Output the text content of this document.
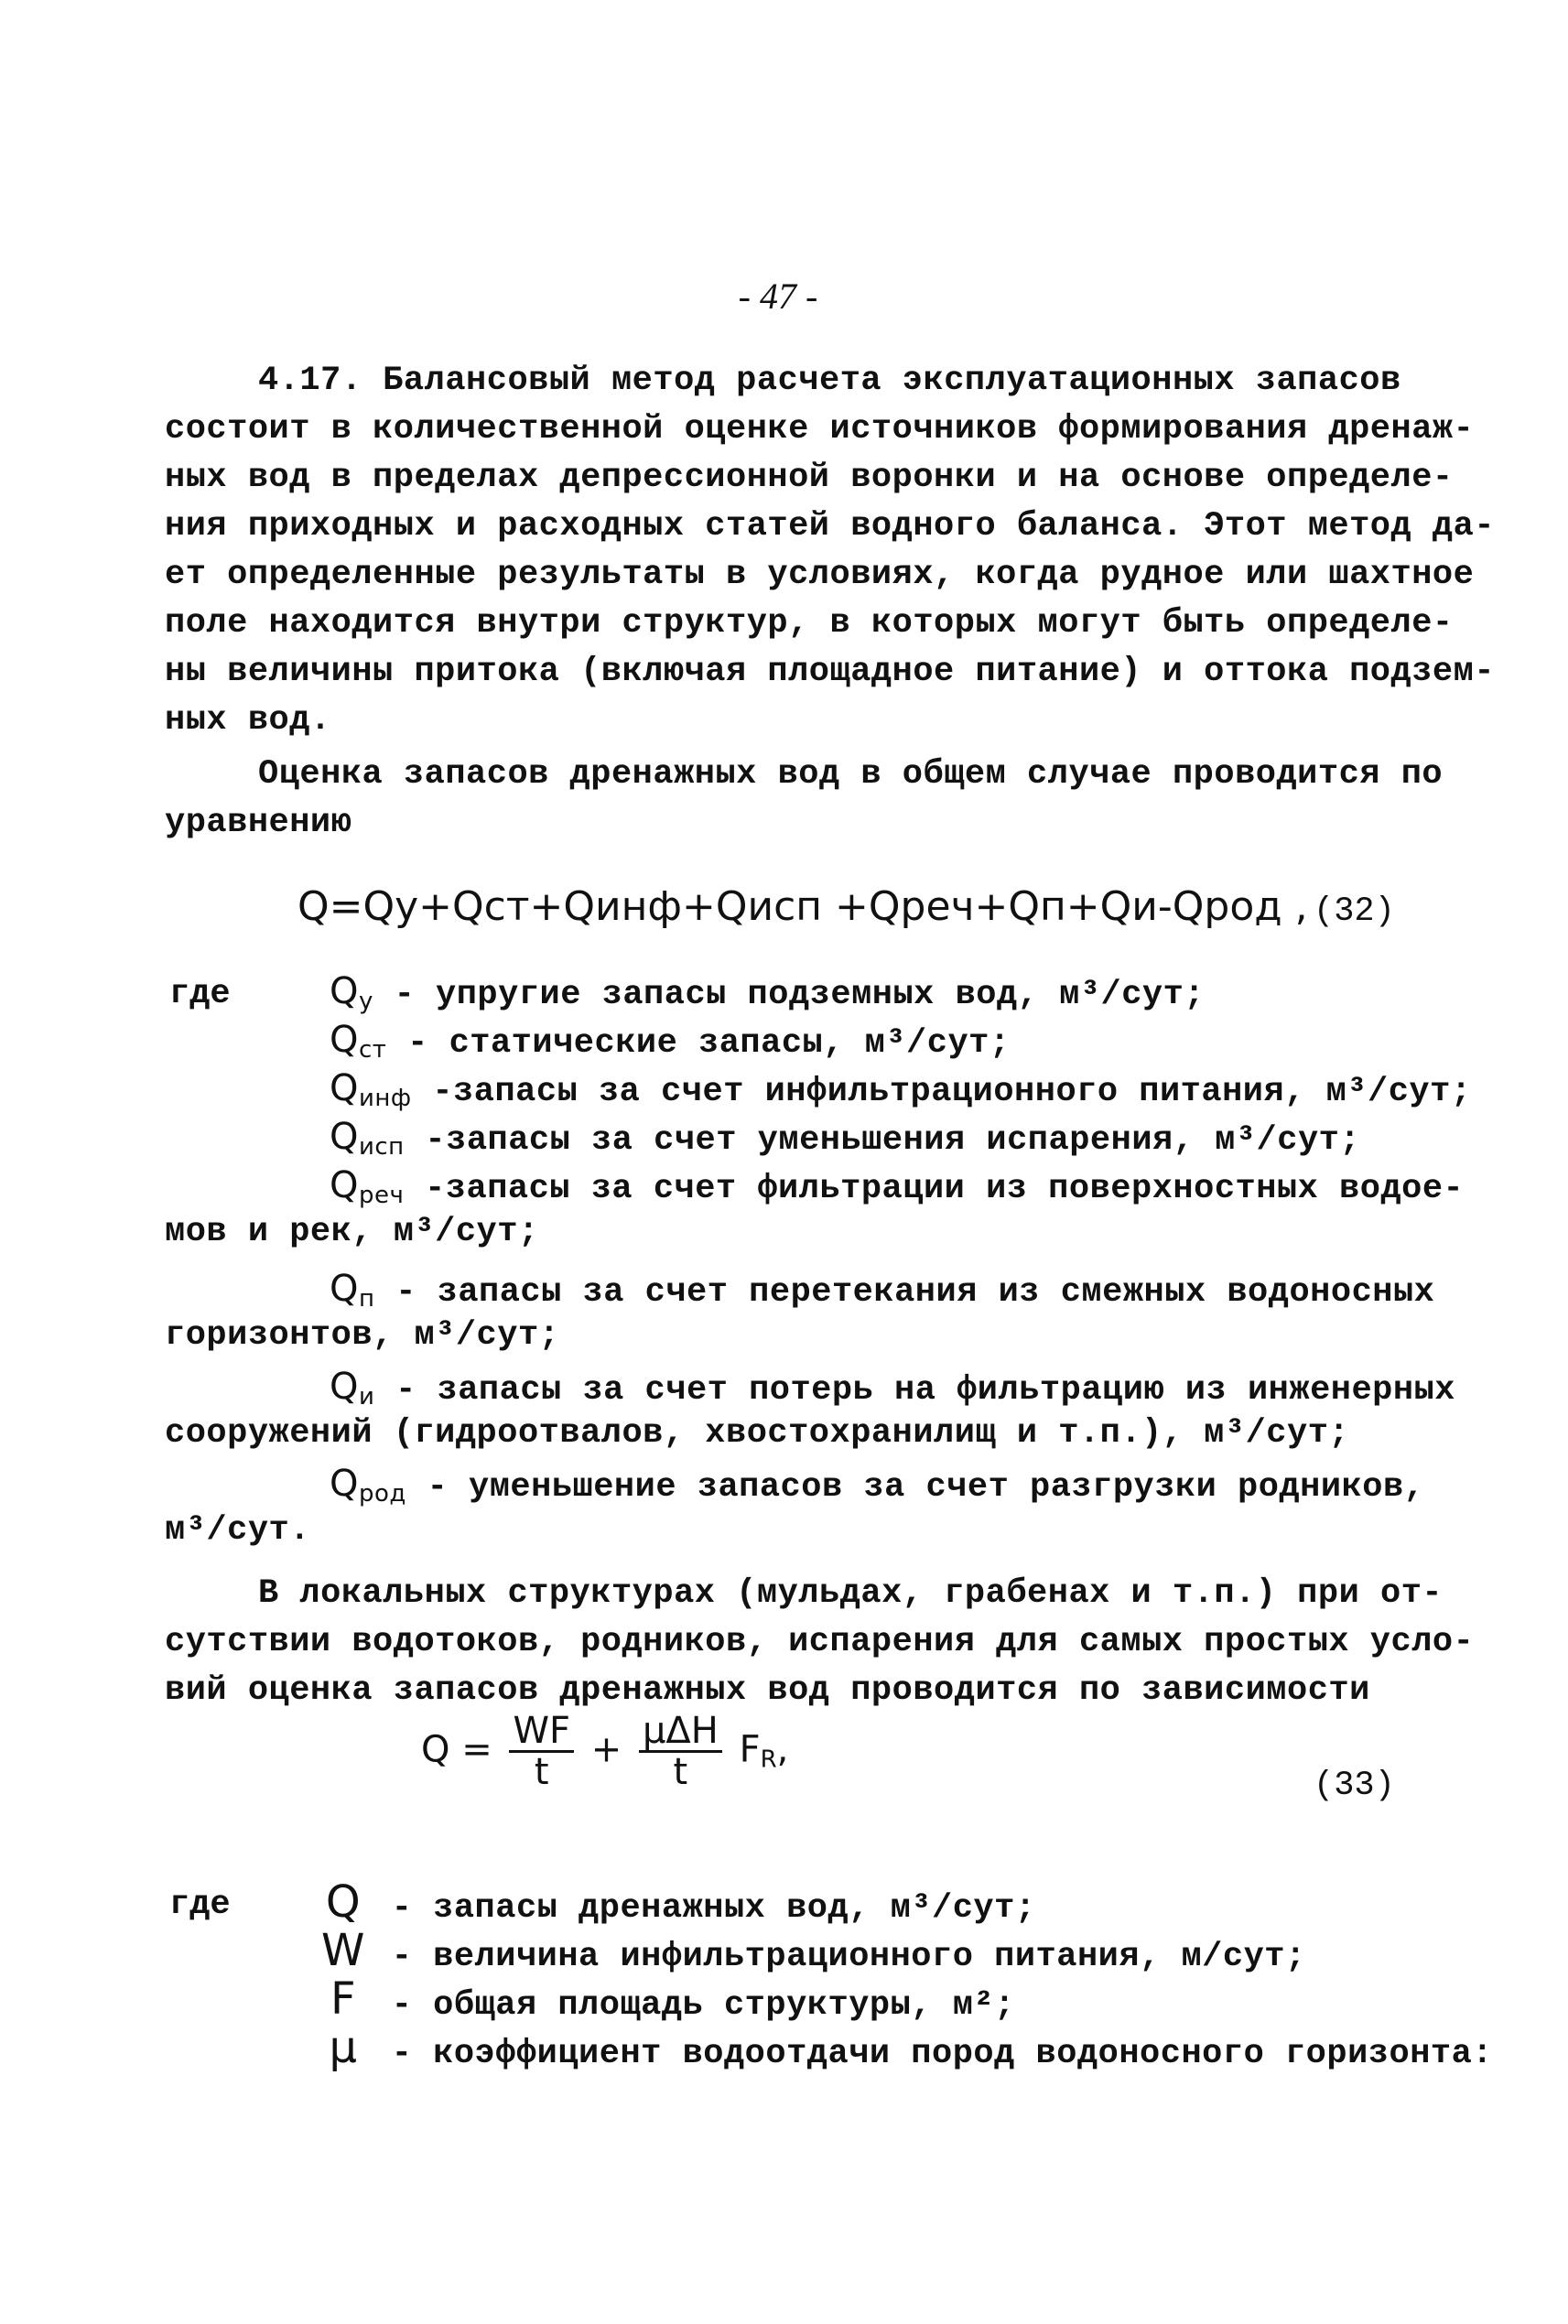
- 47 -
4.17. Балансовый метод расчета эксплуатационных запасов
состоит в количественной оценке источников формирования дренаж-
ных вод в пределах депрессионной воронки и на основе определе-
ния приходных и расходных статей водного баланса. Этот метод да-
ет определенные результаты в условиях, когда рудное или шахтное
поле находится внутри структур, в которых могут быть определе-
ны величины притока (включая площадное питание) и оттока подзем-
ных вод.
Оценка запасов дренажных вод в общем случае проводится по
уравнению
Q=Qу+Qст+Qинф+Qисп +Qреч+Qп+Qи-Qрод , (32)
где	$Q_у$ - упругие запасы подземных вод, м³/сут;
$Q_{ст}$ - статические запасы, м³/сут;
$Q_{инф}$ -запасы за счет инфильтрационного питания, м³/сут;
$Q_{исп}$ -запасы за счет уменьшения испарения, м³/сут;
$Q_{реч}$ -запасы за счет фильтрации из поверхностных водое-
мов и рек, м³/сут;
$Q_п$ - запасы за счет перетекания из смежных водоносных
горизонтов, м³/сут;
$Q_и$ - запасы за счет потерь на фильтрацию из инженерных
сооружений (гидроотвалов, хвостохранилищ и т.п.), м³/сут;
$Q_{род}$ - уменьшение запасов за счет разгрузки родников,
м³/сут.
В локальных структурах (мульдах, грабенах и т.п.) при от-
сутствии водотоков, родников, испарения для самых простых усло-
вий оценка запасов дренажных вод проводится по зависимости
$Q = \frac{WF}{t} + \frac{\text{μΔH}}{t} F_R$,
(33)
где Q - запасы дренажных вод, м³/сут;
W - величина инфильтрационного питания, м/сут;
F - общая площадь структуры, м²;
μ - коэффициент водоотдачи пород водоносного горизонта:
